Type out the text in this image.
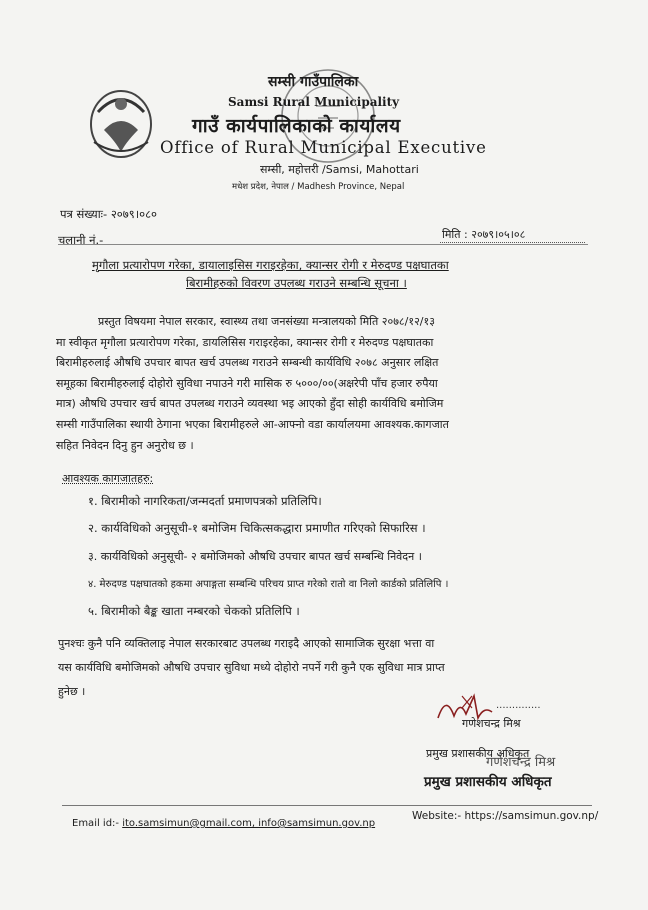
सम्सी गाउँपालिका
Samsi Rural Municipality
गाउँ कार्यपालिकाको कार्यालय
Office of Rural Municipal Executive
सम्सी, महोत्तरी /Samsi, Mahottari
मधेश प्रदेश, नेपाल / Madhesh Province, Nepal
पत्र संख्याः- २०७९।०८०
चलानी नं.-	मिति : २०७९।०५।०८
मृगौला प्रत्यारोपण गरेका, डायालाइसिस गराइरहेका, क्यान्सर रोगी र मेरुदण्ड पक्षघातका
बिरामीहरुको विवरण उपलब्ध गराउने सम्बन्धि सूचना ।
प्रस्तुत विषयमा नेपाल सरकार, स्वास्थ्य तथा जनसंख्या मन्त्रालयको मिति २०७८/१२/१३
मा स्वीकृत मृगौला प्रत्यारोपण गरेका, डायलिसिस गराइरहेका, क्यान्सर रोगी र मेरुदण्ड पक्षघातका
बिरामीहरुलाई औषधि उपचार बापत खर्च उपलब्ध गराउने सम्बन्धी कार्यविधि २०७८ अनुसार लक्षित
समूहका बिरामीहरुलाई दोहोरो सुविधा नपाउने गरी मासिक रु ५०००/००(अक्षरेपी पाँच हजार रुपैया
मात्र) औषधि उपचार खर्च बापत उपलब्ध गराउने व्यवस्था भइ आएको हुँदा सोही कार्यविधि बमोजिम
सम्सी गाउँपालिका स्थायी ठेगाना भएका बिरामीहरुले आ-आफ्नो वडा कार्यालयमा आवश्यक.कागजात
सहित निवेदन दिनु हुन अनुरोध छ ।
आवश्यक कागजातहरु:
१. बिरामीको नागरिकता/जन्मदर्ता प्रमाणपत्रको प्रतिलिपि।
२. कार्यविधिको अनुसूची-१ बमोजिम चिकित्सकद्धारा प्रमाणीत गरिएको सिफारिस ।
३. कार्यविधिको अनुसूची- २ बमोजिमको औषधि उपचार बापत खर्च सम्बन्धि निवेदन ।
४. मेरुदण्ड पक्षघातको हकमा अपाङ्गता सम्बन्धि परिचय प्राप्त गरेको रातो वा निलो कार्डको प्रतिलिपि ।
५. बिरामीको बैङ्क खाता नम्बरको चेकको प्रतिलिपि ।
पुनश्चः कुनै पनि व्यक्तिलाइ नेपाल सरकारबाट उपलब्ध गराइदै आएको सामाजिक सुरक्षा भत्ता वा
यस कार्यविधि बमोजिमको औषधि उपचार सुविधा मध्ये दोहोरो नपर्ने गरी कुनै एक सुविधा मात्र प्राप्त
हुनेछ ।
..............
गणेशचन्द्र मिश्र
प्रमुख प्रशासकीय अधिकृत
गणेशचन्द्र मिश्र
प्रमुख प्रशासकीय अधिकृत
Email id:- ito.samsimun@gmail.com, info@samsimun.gov.np
Website:- https://samsimun.gov.np/
